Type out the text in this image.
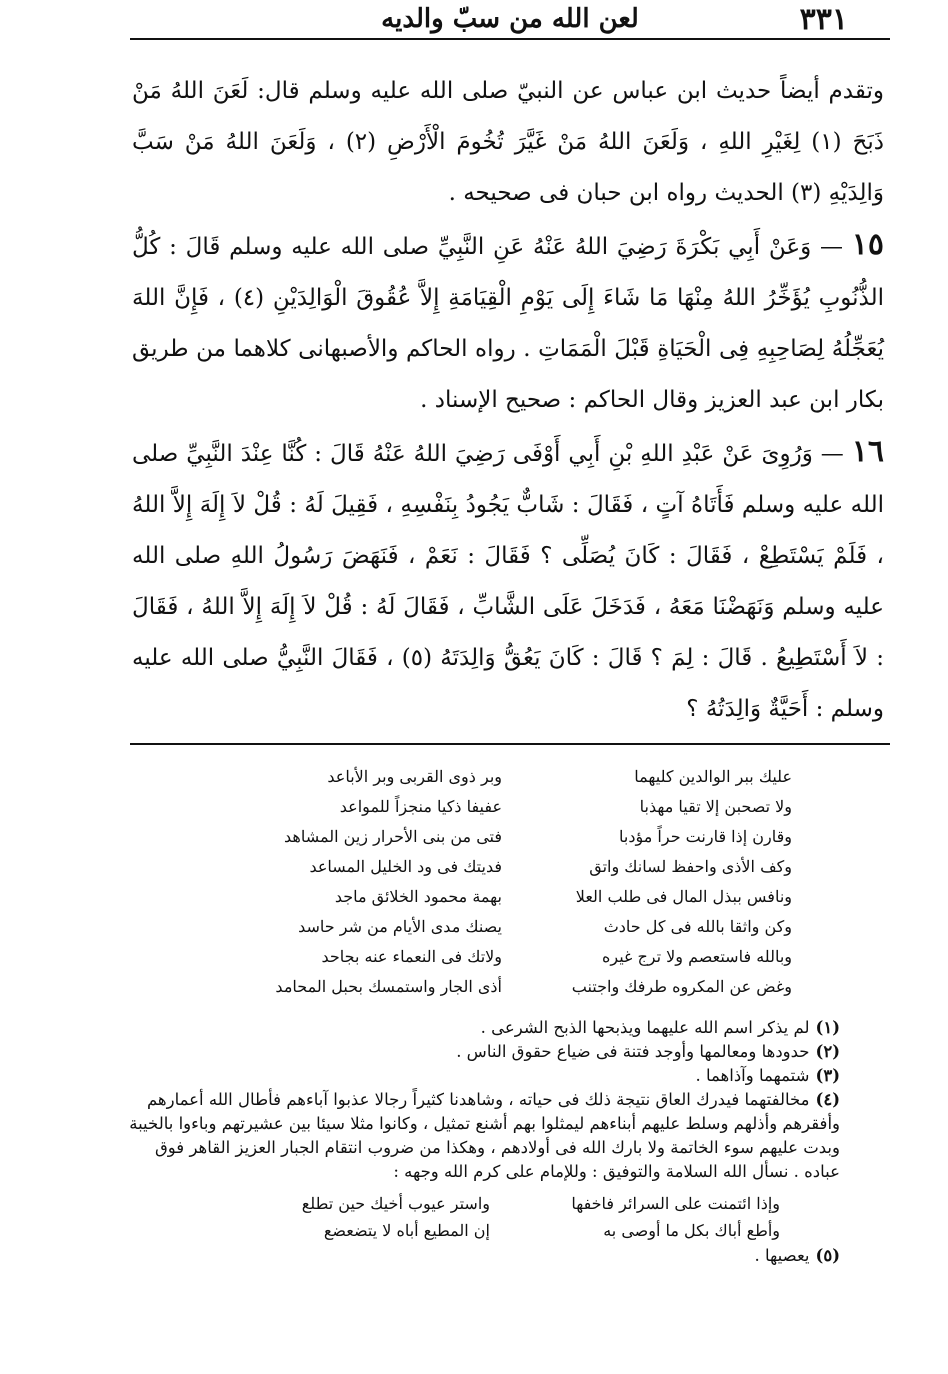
٣٣١
لعن الله من سبّ والديه

وتقدم أيضاً حديث ابن عباس عن النبيّ صلى الله عليه وسلم قال: لَعَنَ اللهُ مَنْ ذَبَحَ (١) لِغَيْرِ اللهِ ، وَلَعَنَ اللهُ مَنْ غَيَّرَ تُخُومَ الْأَرْضِ (٢) ، وَلَعَنَ اللهُ مَنْ سَبَّ وَالِدَيْهِ (٣) الحديث رواه ابن حبان فى صحيحه .

١٥ — وَعَنْ أَبِي بَكْرَةَ رَضِيَ اللهُ عَنْهُ عَنِ النَّبِيِّ صلى الله عليه وسلم قَالَ : كُلُّ الذُّنُوبِ يُؤَخِّرُ اللهُ مِنْهَا مَا شَاءَ إِلَى يَوْمِ الْقِيَامَةِ إِلاَّ عُقُوقَ الْوَالِدَيْنِ (٤) ، فَإِنَّ اللهَ يُعَجِّلُهُ لِصَاحِبِهِ فِى الْحَيَاةِ قَبْلَ الْمَمَاتِ . رواه الحاكم والأصبهانى كلاهما من طريق بكار ابن عبد العزيز وقال الحاكم : صحيح الإسناد .

١٦ — وَرُوِىَ عَنْ عَبْدِ اللهِ بْنِ أَبِي أَوْفَى رَضِيَ اللهُ عَنْهُ قَالَ : كُنَّا عِنْدَ النَّبِيِّ صلى الله عليه وسلم فَأَتَاهُ آتٍ ، فَقَالَ : شَابٌّ يَجُودُ بِنَفْسِهِ ، فَقِيلَ لَهُ : قُلْ لاَ إِلَهَ إِلاَّ اللهُ ، فَلَمْ يَسْتَطِعْ ، فَقَالَ : كَانَ يُصَلِّى ؟ فَقَالَ : نَعَمْ ، فَنَهَضَ رَسُولُ اللهِ صلى الله عليه وسلم وَنَهَضْنَا مَعَهُ ، فَدَخَلَ عَلَى الشَّابِّ ، فَقَالَ لَهُ : قُلْ لاَ إِلَهَ إِلاَّ اللهُ ، فَقَالَ : لاَ أَسْتَطِيعُ . قَالَ : لِمَ ؟ قَالَ : كَانَ يَعُقُّ وَالِدَتَهُ (٥) ، فَقَالَ النَّبِيُّ صلى الله عليه وسلم : أَحَيَّةٌ وَالِدَتُهُ ؟

عليك ببر الوالدين كليهما
وبر ذوى القربى وبر الأباعد
ولا تصحبن إلا تقيا مهذبا
عفيفا ذكيا منجزاً للمواعد
وقارن إذا قارنت حراً مؤدبا
فتى من بنى الأحرار زين المشاهد
وكف الأذى واحفظ لسانك واتق
فديتك فى ود الخليل المساعد
ونافس ببذل المال فى طلب العلا
بهمة محمود الخلائق ماجد
وكن واثقا بالله فى كل حادث
يصنك مدى الأيام من شر حاسد
وبالله فاستعصم ولا ترج غيره
ولاتك فى النعماء عنه بجاحد
وغض عن المكروه طرفك واجتنب
أذى الجار واستمسك بحبل المحامد

(١)لم يذكر اسم الله عليهما ويذبحها الذبح الشرعى .

(٢)حدودها ومعالمها وأوجد فتنة فى ضياع حقوق الناس .

(٣)شتمهما وآذاهما .

(٤)مخالفتهما فيدرك العاق نتيجة ذلك فى حياته ، وشاهدنا كثيراً رجالا عذبوا آباءهم فأطال الله أعمارهم وأفقرهم وأذلهم وسلط عليهم أبناءهم ليمثلوا بهم أشنع تمثيل ، وكانوا مثلا سيئا بين عشيرتهم وباءوا بالخيبة وبدت عليهم سوء الخاتمة ولا بارك الله فى أولادهم ، وهكذا من ضروب انتقام الجبار العزيز القاهر فوق عباده . نسأل الله السلامة والتوفيق : وللإمام على كرم الله وجهه :

وإذا ائتمنت على السرائر فاخفها
واستر عيوب أخيك حين تطلع
وأطع أباك بكل ما أوصى به
إن المطيع أباه لا يتضعضع

(٥)يعصيها .
